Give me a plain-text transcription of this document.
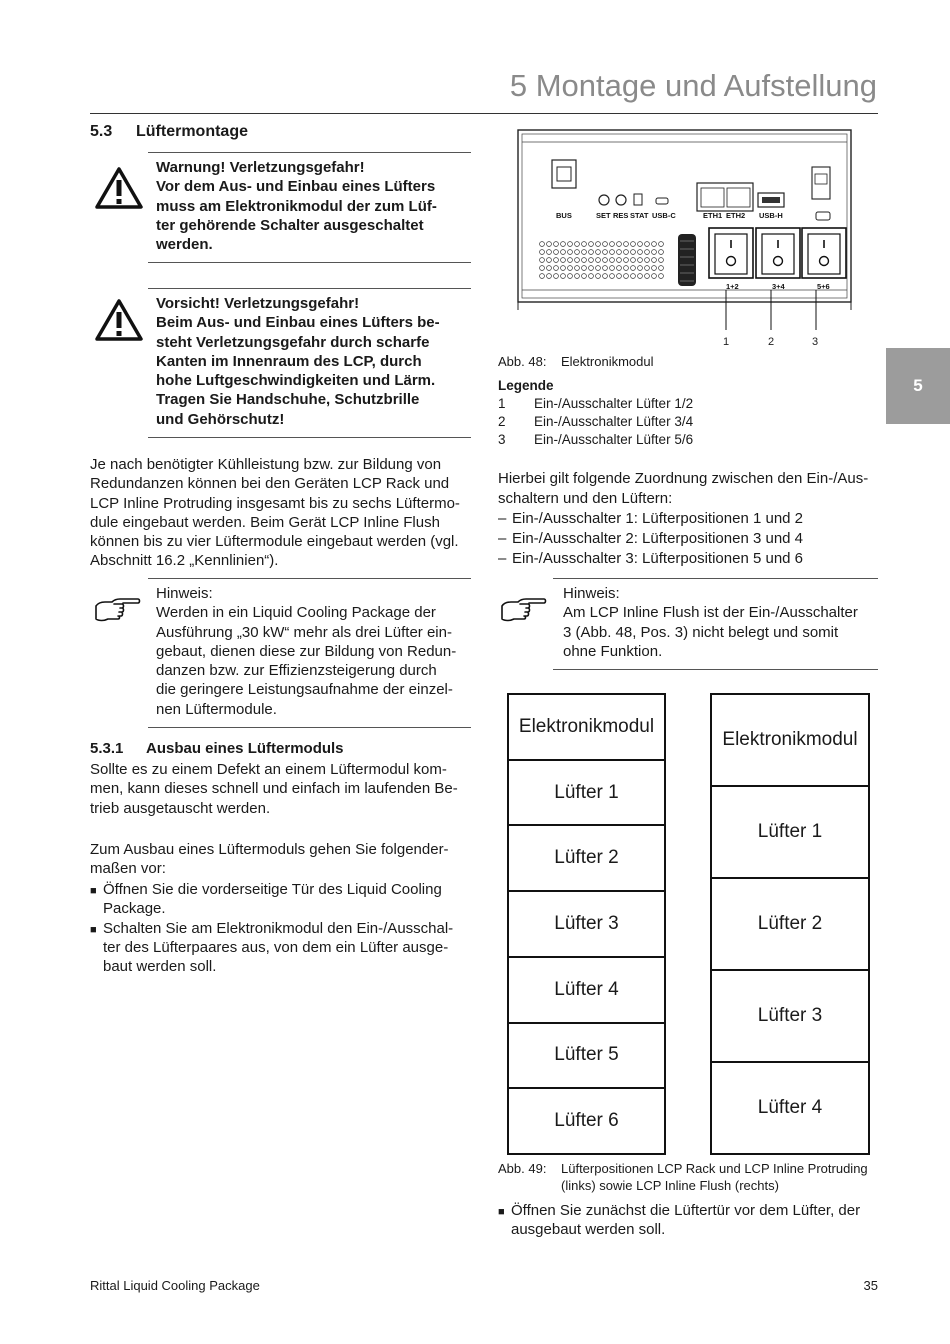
5 Montage und Aufstellung
5
5.3 Lüftermontage
Warnung! Verletzungsgefahr!
Vor dem Aus- und Einbau eines Lüfters
muss am Elektronikmodul der zum Lüf-
ter gehörende Schalter ausgeschaltet
werden.
Vorsicht! Verletzungsgefahr!
Beim Aus- und Einbau eines Lüfters be-
steht Verletzungsgefahr durch scharfe
Kanten im Innenraum des LCP, durch
hohe Luftgeschwindigkeiten und Lärm.
Tragen Sie Handschuhe, Schutzbrille
und Gehörschutz!
Je nach benötigter Kühlleistung bzw. zur Bildung von
Redundanzen können bei den Geräten LCP Rack und
LCP Inline Protruding insgesamt bis zu sechs Lüftermo-
dule eingebaut werden. Beim Gerät LCP Inline Flush
können bis zu vier Lüftermodule eingebaut werden (vgl.
Abschnitt 16.2 „Kennlinien“).
Hinweis:
Werden in ein Liquid Cooling Package der
Ausführung „30 kW“ mehr als drei Lüfter ein-
gebaut, dienen diese zur Bildung von Redun-
danzen bzw. zur Effizienzsteigerung durch
die geringere Leistungsaufnahme der einzel-
nen Lüftermodule.
5.3.1 Ausbau eines Lüftermoduls
Sollte es zu einem Defekt an einem Lüftermodul kom-
men, kann dieses schnell und einfach im laufenden Be-
trieb ausgetauscht werden.
Zum Ausbau eines Lüftermoduls gehen Sie folgender-
maßen vor:
■ Öffnen Sie die vorderseitige Tür des Liquid Cooling
Package.
■ Schalten Sie am Elektronikmodul den Ein-/Ausschal-
ter des Lüfterpaares aus, von dem ein Lüfter ausge-
baut werden soll.
BUS	SET RES STAT USB-C	ETH1 ETH2 USB-H
1+2	3+4	5+6
1	2	3
Abb. 48: Elektronikmodul
Legende
1	Ein-/Ausschalter Lüfter 1/2
2	Ein-/Ausschalter Lüfter 3/4
3	Ein-/Ausschalter Lüfter 5/6
Hierbei gilt folgende Zuordnung zwischen den Ein-/Aus-
schaltern und den Lüftern:
– Ein-/Ausschalter 1: Lüfterpositionen 1 und 2
– Ein-/Ausschalter 2: Lüfterpositionen 3 und 4
– Ein-/Ausschalter 3: Lüfterpositionen 5 und 6
Hinweis:
Am LCP Inline Flush ist der Ein-/Ausschalter
3 (Abb. 48, Pos. 3) nicht belegt und somit
ohne Funktion.
Elektronikmodul
Lüfter 1
Lüfter 2
Lüfter 3
Lüfter 4
Lüfter 5
Lüfter 6
Elektronikmodul
Lüfter 1
Lüfter 2
Lüfter 3
Lüfter 4
Abb. 49: Lüfterpositionen LCP Rack und LCP Inline Protruding
(links) sowie LCP Inline Flush (rechts)
■ Öffnen Sie zunächst die Lüftertür vor dem Lüfter, der
ausgebaut werden soll.
Rittal Liquid Cooling Package	35
